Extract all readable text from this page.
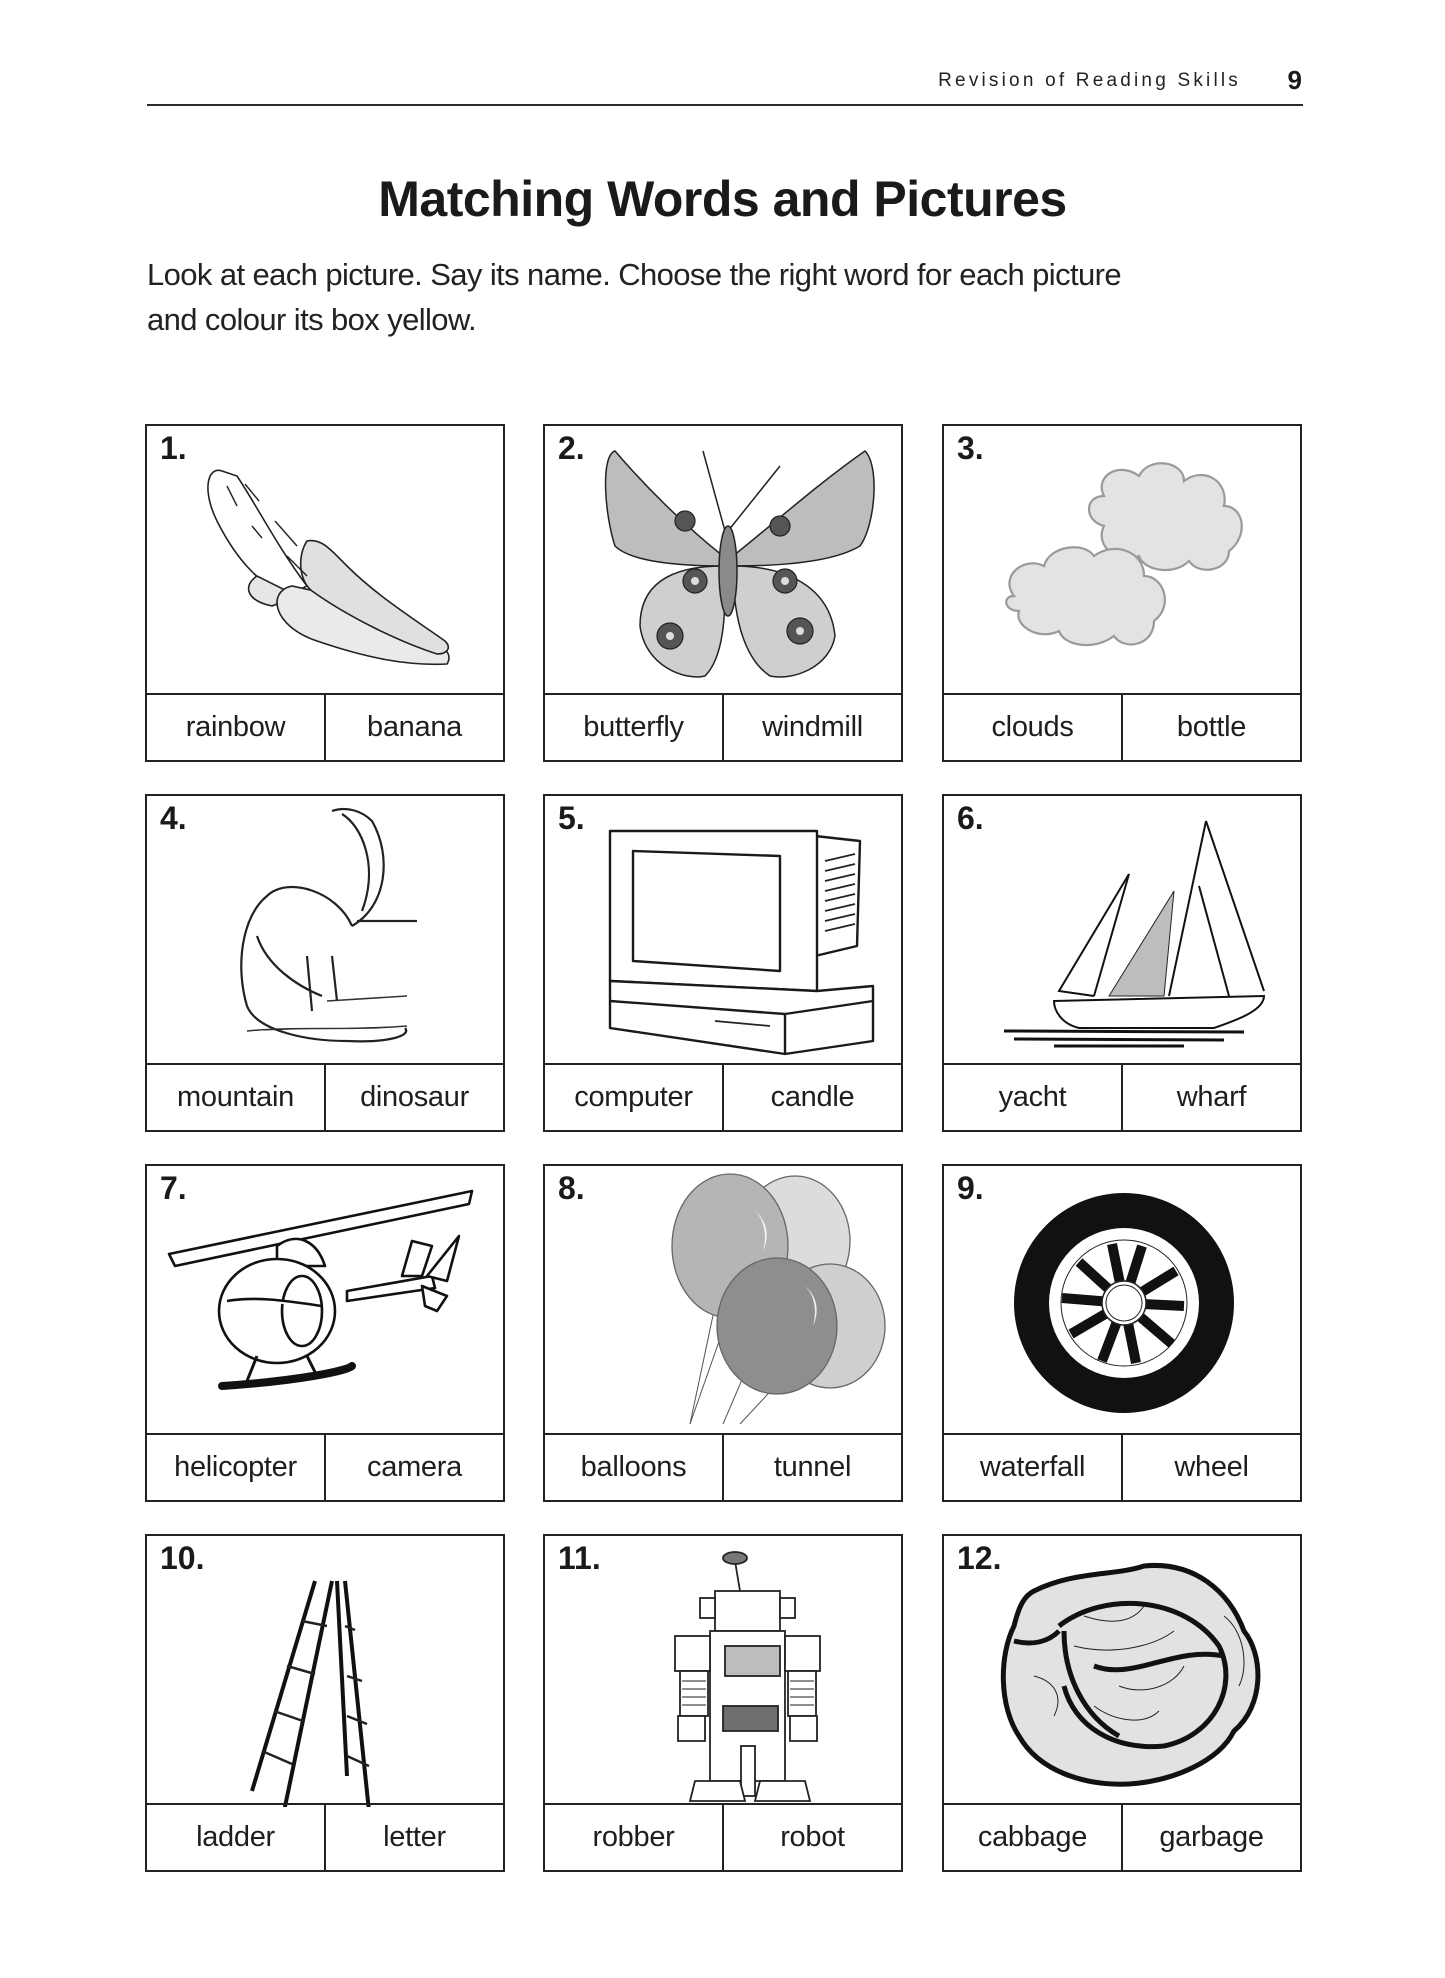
Revision of Reading Skills 9
Matching Words and Pictures

Look at each picture. Say its name. Choose the right word for each picture
and colour its box yellow.

1.
rainbow	banana
2.
butterfly	windmill
3.
clouds	bottle
4.
mountain	dinosaur
5.
computer	candle
6.
yacht	wharf
7.
helicopter	camera
8.
balloons	tunnel
9.
waterfall	wheel
10.
ladder	letter
11.
robber	robot
12.
cabbage	garbage
